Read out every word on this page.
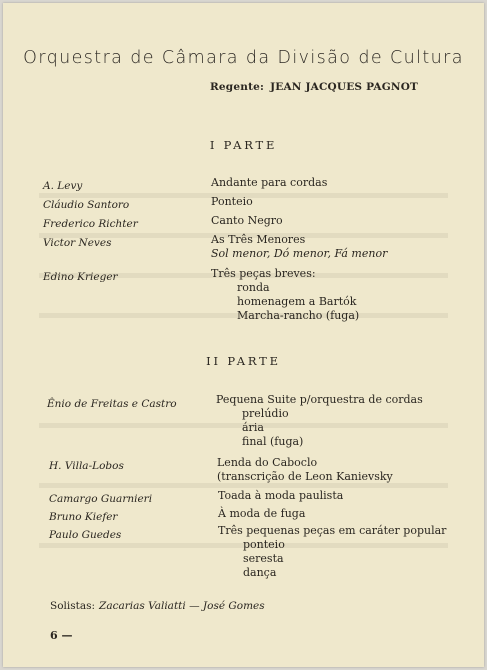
Orquestra de Câmara da Divisão de Cultura
Regente: JEAN JACQUES PAGNOT
I PARTE
A. Levy	Andante para cordas
Cláudio Santoro	Ponteio
Frederico Richter	Canto Negro
Victor Neves	As Três Menores
Sol menor, Dó menor, Fá menor
Edino Krieger	Três peças breves:
ronda
homenagem a Bartók
Marcha-rancho (fuga)
II PARTE
Ênio de Freitas e Castro	Pequena Suite p/orquestra de cordas
prelúdio
ária
final (fuga)
H. Villa-Lobos	Lenda do Caboclo
(transcrição de Leon Kanievsky
Camargo Guarnieri	Toada à moda paulista
Bruno Kiefer	À moda de fuga
Paulo Guedes	Três pequenas peças em caráter popular
ponteio
seresta
dança
Solistas: Zacarias Valiatti — José Gomes
6 —
